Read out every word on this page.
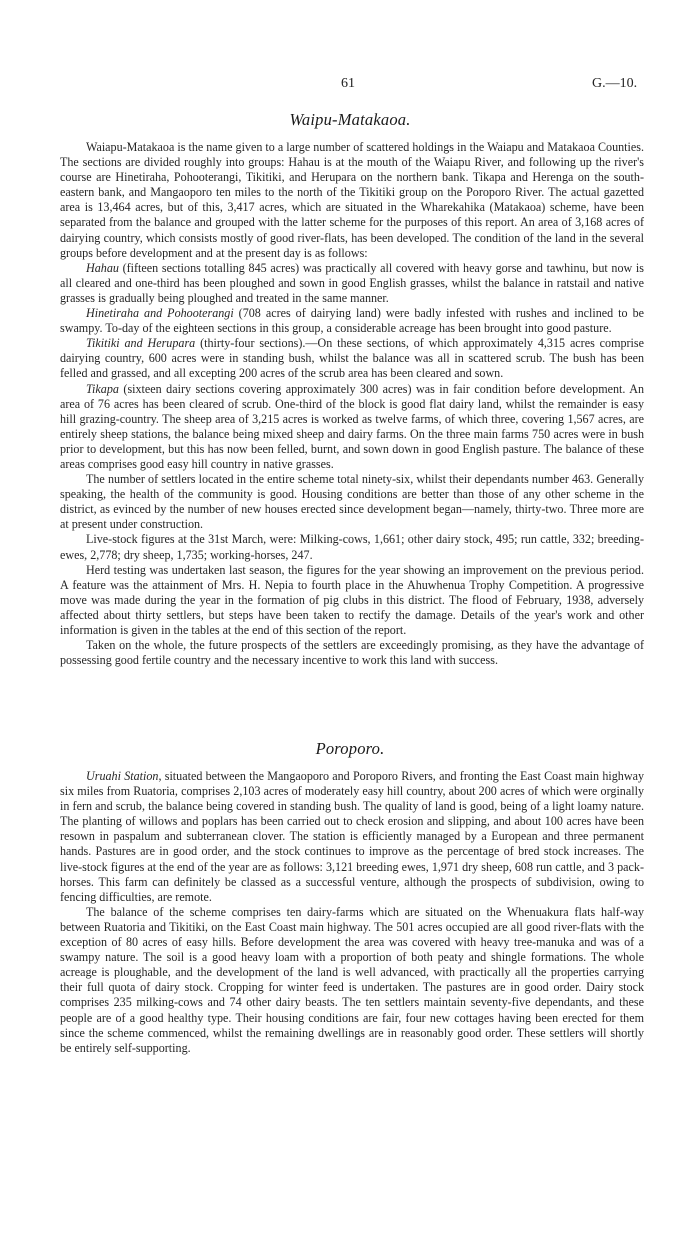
61	G.—10.
Waipu-Matakaoa.

Waiapu-Matakaoa is the name given to a large number of scattered holdings in the Waiapu and Matakaoa Counties. The sections are divided roughly into groups: Hahau is at the mouth of the Waiapu River, and following up the river's course are Hinetiraha, Pohooterangi, Tikitiki, and Herupara on the northern bank. Tikapa and Herenga on the south-eastern bank, and Mangaoporo ten miles to the north of the Tikitiki group on the Poroporo River. The actual gazetted area is 13,464 acres, but of this, 3,417 acres, which are situated in the Wharekahika (Matakaoa) scheme, have been separated from the balance and grouped with the latter scheme for the purposes of this report. An area of 3,168 acres of dairying country, which consists mostly of good river-flats, has been developed. The condition of the land in the several groups before development and at the present day is as follows:

Hahau (fifteen sections totalling 845 acres) was practically all covered with heavy gorse and tawhinu, but now is all cleared and one-third has been ploughed and sown in good English grasses, whilst the balance in ratstail and native grasses is gradually being ploughed and treated in the same manner.

Hinetiraha and Pohooterangi (708 acres of dairying land) were badly infested with rushes and inclined to be swampy. To-day of the eighteen sections in this group, a considerable acreage has been brought into good pasture.

Tikitiki and Herupara (thirty-four sections).—On these sections, of which approximately 4,315 acres comprise dairying country, 600 acres were in standing bush, whilst the balance was all in scattered scrub. The bush has been felled and grassed, and all excepting 200 acres of the scrub area has been cleared and sown.

Tikapa (sixteen dairy sections covering approximately 300 acres) was in fair condition before development. An area of 76 acres has been cleared of scrub. One-third of the block is good flat dairy land, whilst the remainder is easy hill grazing-country. The sheep area of 3,215 acres is worked as twelve farms, of which three, covering 1,567 acres, are entirely sheep stations, the balance being mixed sheep and dairy farms. On the three main farms 750 acres were in bush prior to development, but this has now been felled, burnt, and sown down in good English pasture. The balance of these areas comprises good easy hill country in native grasses.

The number of settlers located in the entire scheme total ninety-six, whilst their dependants number 463. Generally speaking, the health of the community is good. Housing conditions are better than those of any other scheme in the district, as evinced by the number of new houses erected since development began—namely, thirty-two. Three more are at present under construction.

Live-stock figures at the 31st March, were: Milking-cows, 1,661; other dairy stock, 495; run cattle, 332; breeding-ewes, 2,778; dry sheep, 1,735; working-horses, 247.

Herd testing was undertaken last season, the figures for the year showing an improvement on the previous period. A feature was the attainment of Mrs. H. Nepia to fourth place in the Ahuwhenua Trophy Competition. A progressive move was made during the year in the formation of pig clubs in this district. The flood of February, 1938, adversely affected about thirty settlers, but steps have been taken to rectify the damage. Details of the year's work and other information is given in the tables at the end of this section of the report.

Taken on the whole, the future prospects of the settlers are exceedingly promising, as they have the advantage of possessing good fertile country and the necessary incentive to work this land with success.

Poroporo.

Uruahi Station, situated between the Mangaoporo and Poroporo Rivers, and fronting the East Coast main highway six miles from Ruatoria, comprises 2,103 acres of moderately easy hill country, about 200 acres of which were orginally in fern and scrub, the balance being covered in standing bush. The quality of land is good, being of a light loamy nature. The planting of willows and poplars has been carried out to check erosion and slipping, and about 100 acres have been resown in paspalum and subterranean clover. The station is efficiently managed by a European and three permanent hands. Pastures are in good order, and the stock continues to improve as the percentage of bred stock increases. The live-stock figures at the end of the year are as follows: 3,121 breeding ewes, 1,971 dry sheep, 608 run cattle, and 3 pack-horses. This farm can definitely be classed as a successful venture, although the prospects of subdivision, owing to fencing difficulties, are remote.

The balance of the scheme comprises ten dairy-farms which are situated on the Whenuakura flats half-way between Ruatoria and Tikitiki, on the East Coast main highway. The 501 acres occupied are all good river-flats with the exception of 80 acres of easy hills. Before development the area was covered with heavy tree-manuka and was of a swampy nature. The soil is a good heavy loam with a proportion of both peaty and shingle formations. The whole acreage is ploughable, and the development of the land is well advanced, with practically all the properties carrying their full quota of dairy stock. Cropping for winter feed is undertaken. The pastures are in good order. Dairy stock comprises 235 milking-cows and 74 other dairy beasts. The ten settlers maintain seventy-five dependants, and these people are of a good healthy type. Their housing conditions are fair, four new cottages having been erected for them since the scheme commenced, whilst the remaining dwellings are in reasonably good order. These settlers will shortly be entirely self-supporting.
